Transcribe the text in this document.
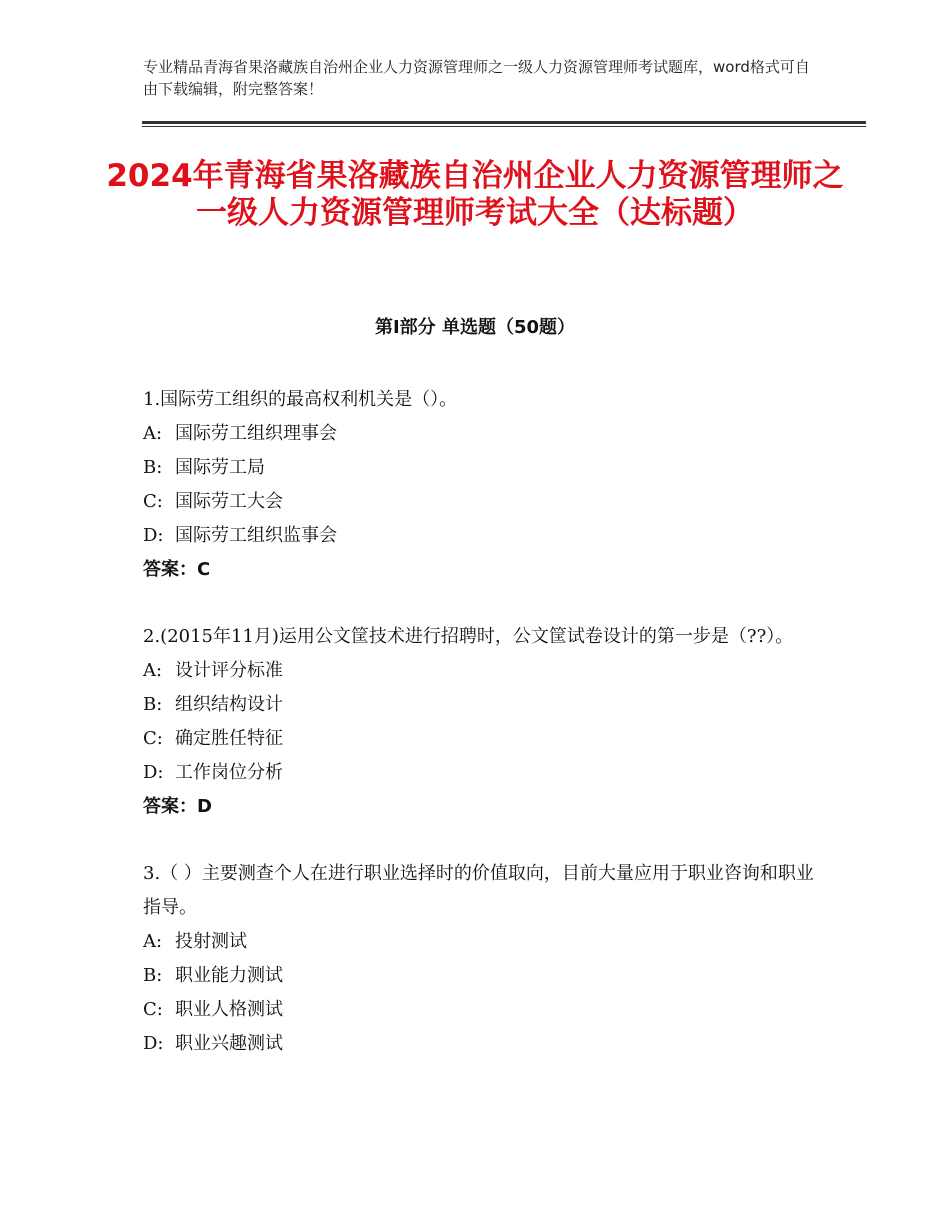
专业精品青海省果洛藏族自治州企业人力资源管理师之一级人力资源管理师考试题库，word格式可自由下载编辑，附完整答案！
2024年青海省果洛藏族自治州企业人力资源管理师之一级人力资源管理师考试大全（达标题）
第Ⅰ部分 单选题（50题）

1.国际劳工组织的最高权利机关是（）。

A: 国际劳工组织理事会

B: 国际劳工局

C: 国际劳工大会

D: 国际劳工组织监事会

答案：C

2.(2015年11月)运用公文筐技术进行招聘时，公文筐试卷设计的第一步是（??）。

A: 设计评分标准

B: 组织结构设计

C: 确定胜任特征

D: 工作岗位分析

答案：D

3.（ ）主要测查个人在进行职业选择时的价值取向，目前大量应用于职业咨询和职业指导。

A: 投射测试

B: 职业能力测试

C: 职业人格测试

D: 职业兴趣测试
